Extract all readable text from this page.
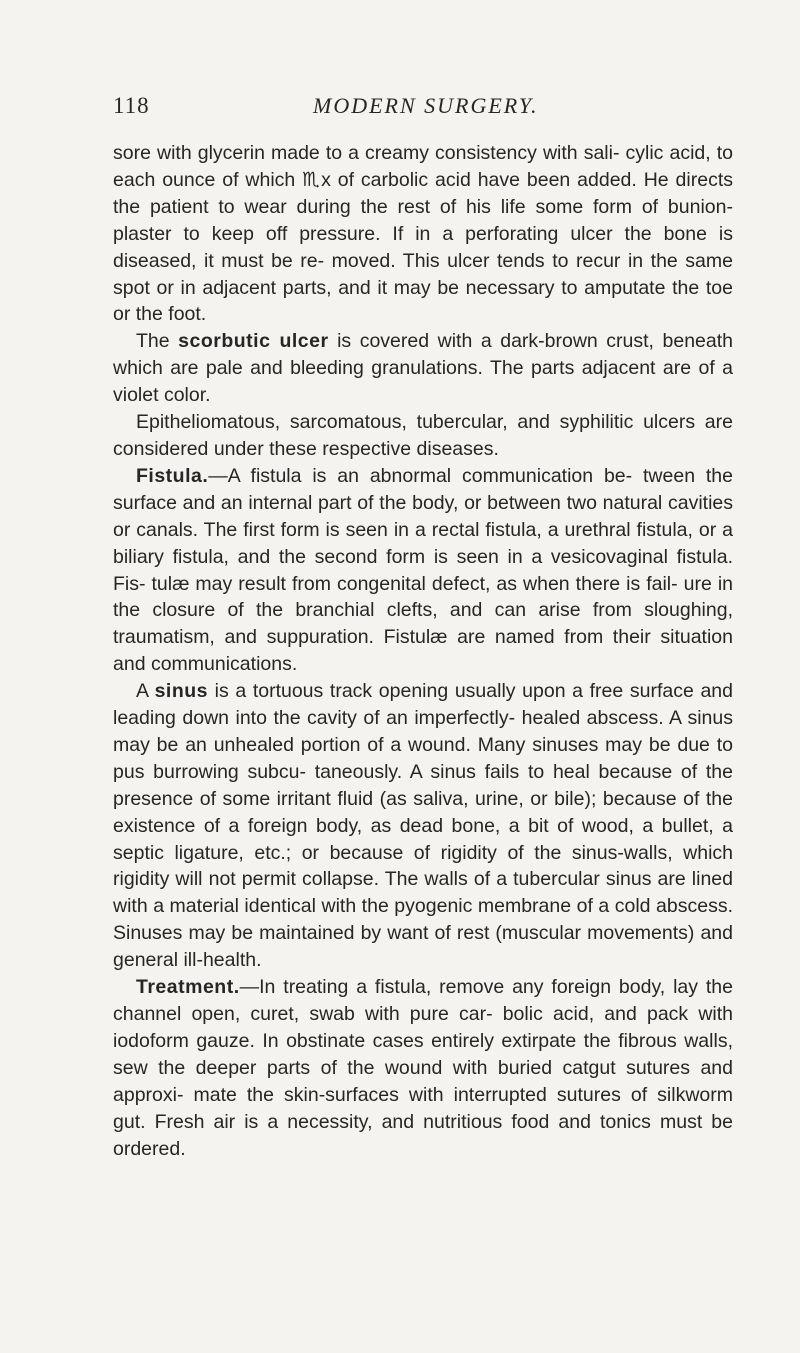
118	MODERN SURGERY.

sore with glycerin made to a creamy consistency with sali- cylic acid, to each ounce of which ♏x of carbolic acid have been added. He directs the patient to wear during the rest of his life some form of bunion-plaster to keep off pressure. If in a perforating ulcer the bone is diseased, it must be re- moved. This ulcer tends to recur in the same spot or in adjacent parts, and it may be necessary to amputate the toe or the foot.

The scorbutic ulcer is covered with a dark-brown crust, beneath which are pale and bleeding granulations. The parts adjacent are of a violet color.

Epitheliomatous, sarcomatous, tubercular, and syphilitic ulcers are considered under these respective diseases.

Fistula.—A fistula is an abnormal communication be- tween the surface and an internal part of the body, or between two natural cavities or canals. The first form is seen in a rectal fistula, a urethral fistula, or a biliary fistula, and the second form is seen in a vesicovaginal fistula. Fis- tulæ may result from congenital defect, as when there is fail- ure in the closure of the branchial clefts, and can arise from sloughing, traumatism, and suppuration. Fistulæ are named from their situation and communications.

A sinus is a tortuous track opening usually upon a free surface and leading down into the cavity of an imperfectly- healed abscess. A sinus may be an unhealed portion of a wound. Many sinuses may be due to pus burrowing subcu- taneously. A sinus fails to heal because of the presence of some irritant fluid (as saliva, urine, or bile); because of the existence of a foreign body, as dead bone, a bit of wood, a bullet, a septic ligature, etc.; or because of rigidity of the sinus-walls, which rigidity will not permit collapse. The walls of a tubercular sinus are lined with a material identical with the pyogenic membrane of a cold abscess. Sinuses may be maintained by want of rest (muscular movements) and general ill-health.

Treatment.—In treating a fistula, remove any foreign body, lay the channel open, curet, swab with pure car- bolic acid, and pack with iodoform gauze. In obstinate cases entirely extirpate the fibrous walls, sew the deeper parts of the wound with buried catgut sutures and approxi- mate the skin-surfaces with interrupted sutures of silkworm gut. Fresh air is a necessity, and nutritious food and tonics must be ordered.
